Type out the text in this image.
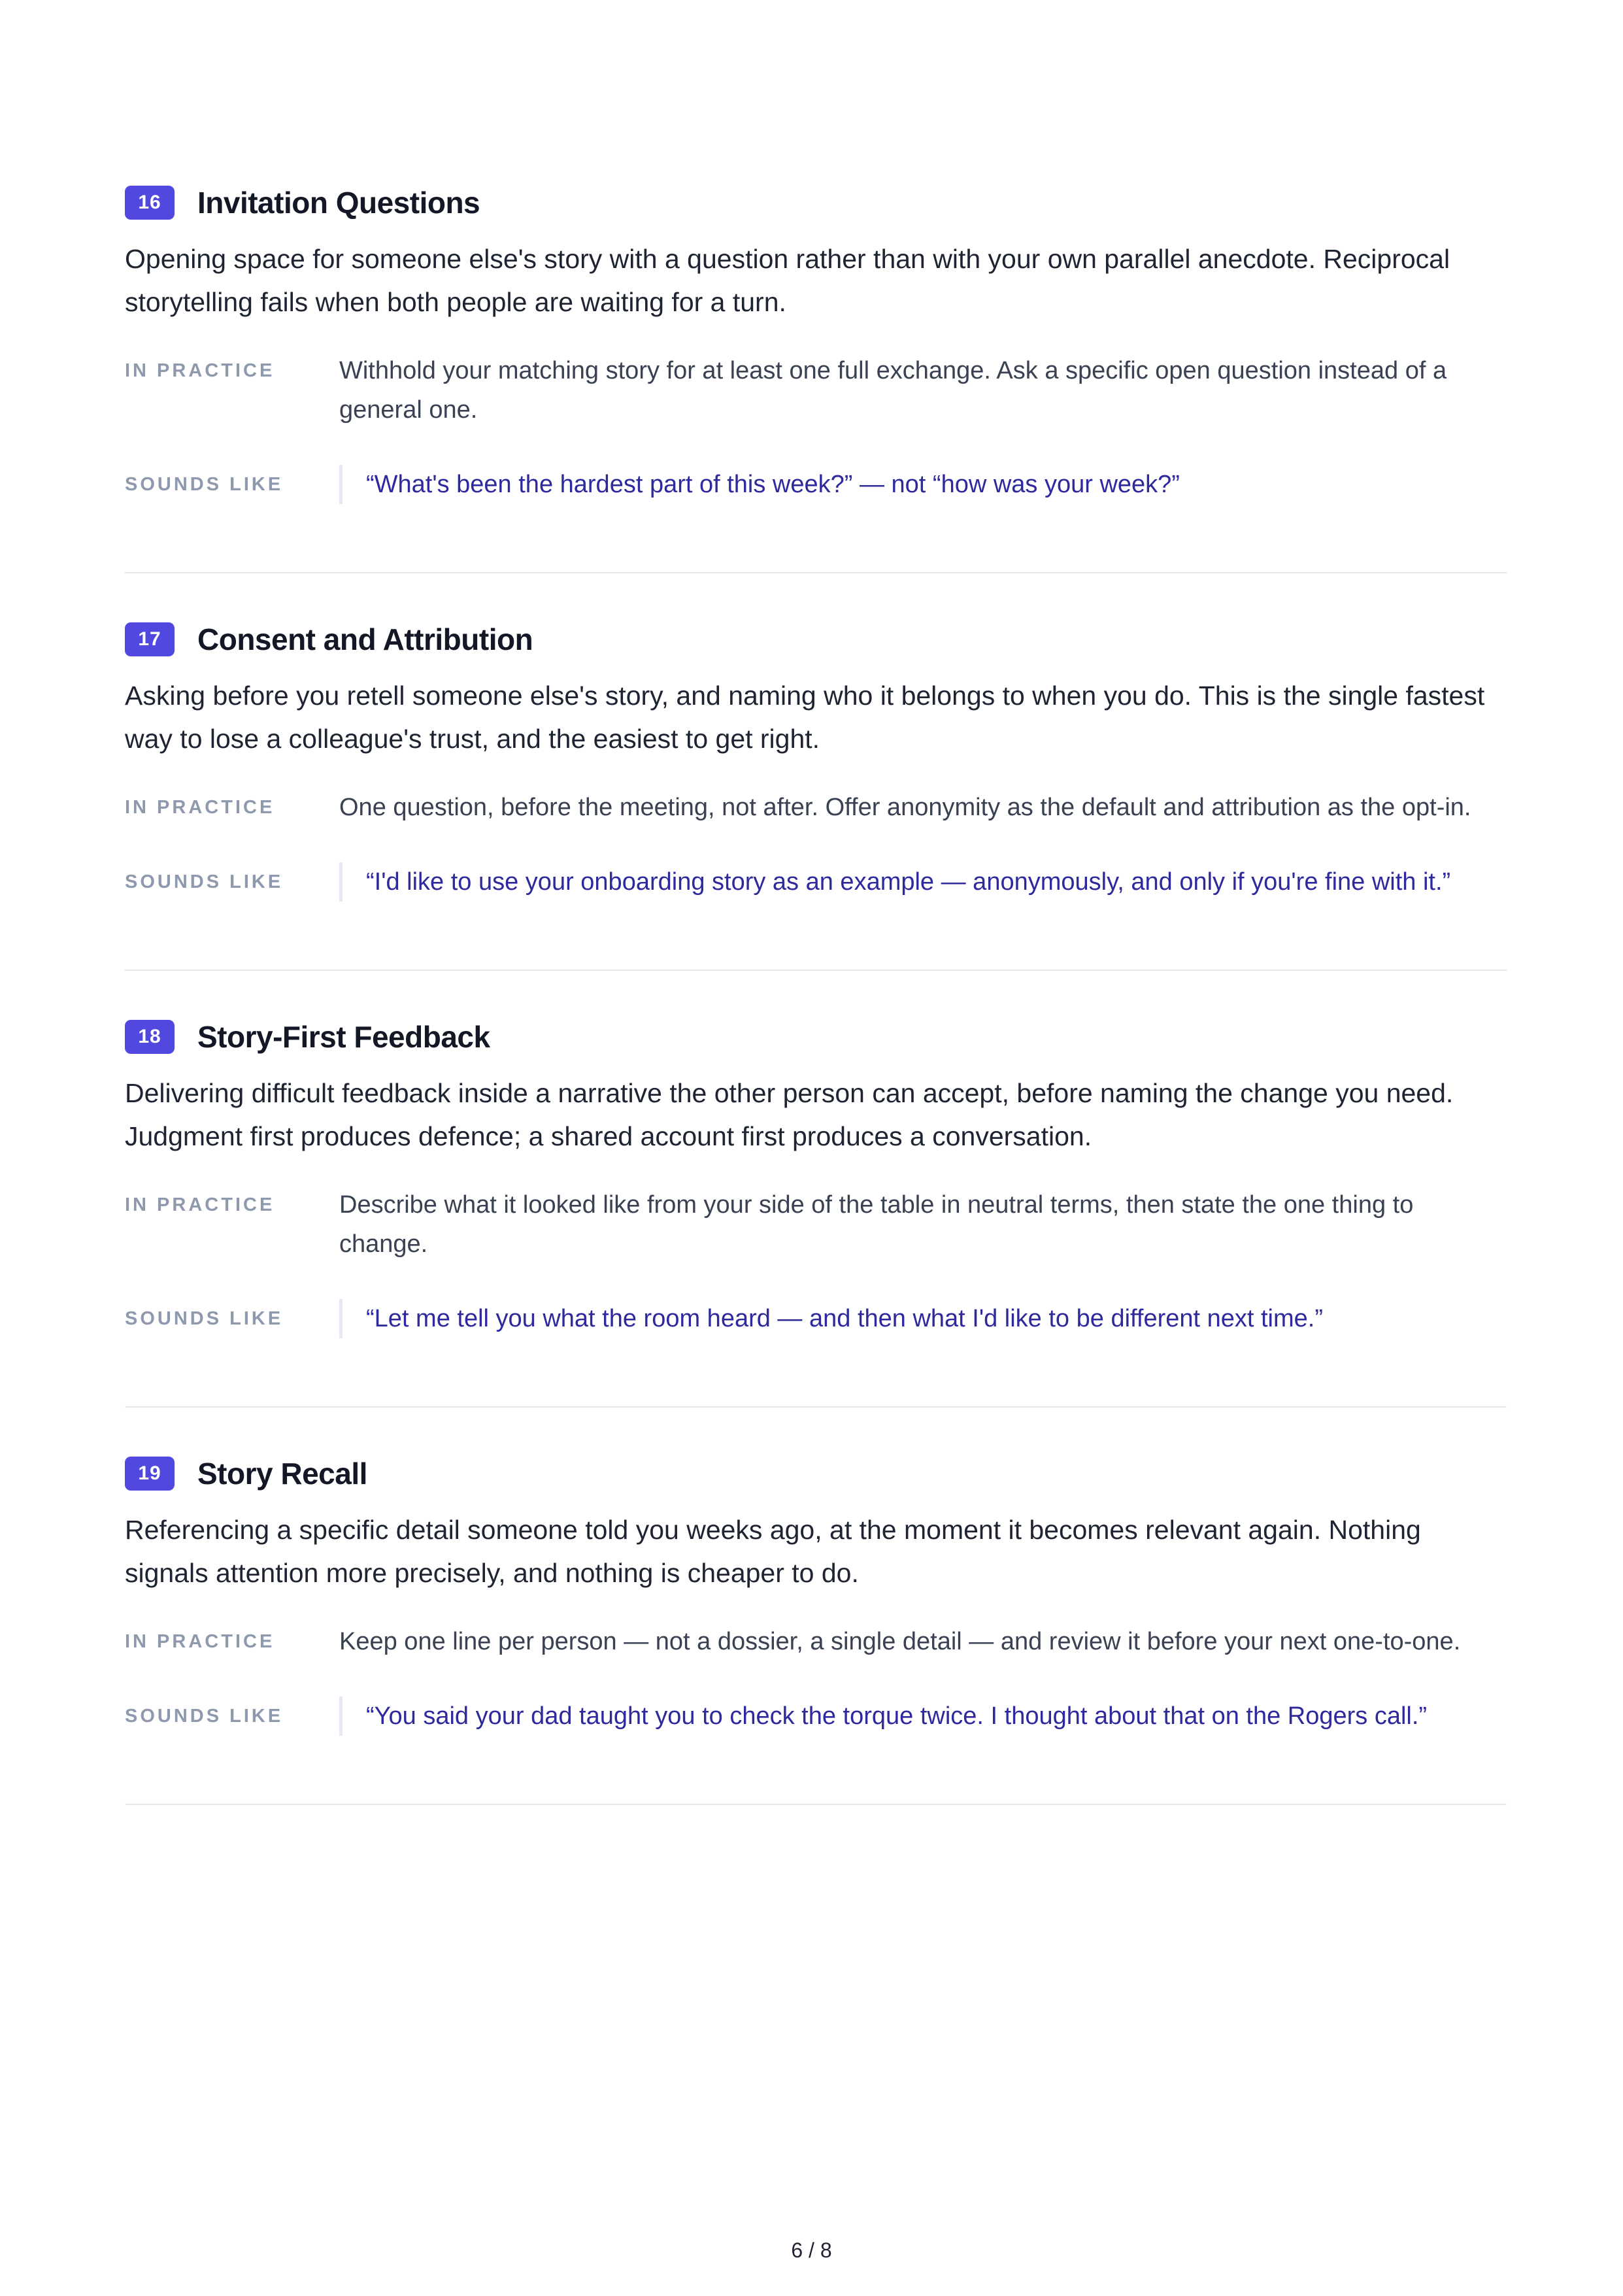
16	Invitation Questions
Opening space for someone else's story with a question rather than with your own parallel anecdote. Reciprocal storytelling fails when both people are waiting for a turn.
IN PRACTICE	Withhold your matching story for at least one full exchange. Ask a specific open question instead of a general one.
SOUNDS LIKE	“What's been the hardest part of this week?” — not “how was your week?”
17	Consent and Attribution
Asking before you retell someone else's story, and naming who it belongs to when you do. This is the single fastest way to lose a colleague's trust, and the easiest to get right.
IN PRACTICE	One question, before the meeting, not after. Offer anonymity as the default and attribution as the opt-in.
SOUNDS LIKE	“I'd like to use your onboarding story as an example — anonymously, and only if you're fine with it.”
18	Story-First Feedback
Delivering difficult feedback inside a narrative the other person can accept, before naming the change you need. Judgment first produces defence; a shared account first produces a conversation.
IN PRACTICE	Describe what it looked like from your side of the table in neutral terms, then state the one thing to change.
SOUNDS LIKE	“Let me tell you what the room heard — and then what I'd like to be different next time.”
19	Story Recall
Referencing a specific detail someone told you weeks ago, at the moment it becomes relevant again. Nothing signals attention more precisely, and nothing is cheaper to do.
IN PRACTICE	Keep one line per person — not a dossier, a single detail — and review it before your next one-to-one.
SOUNDS LIKE	“You said your dad taught you to check the torque twice. I thought about that on the Rogers call.”
6 / 8
